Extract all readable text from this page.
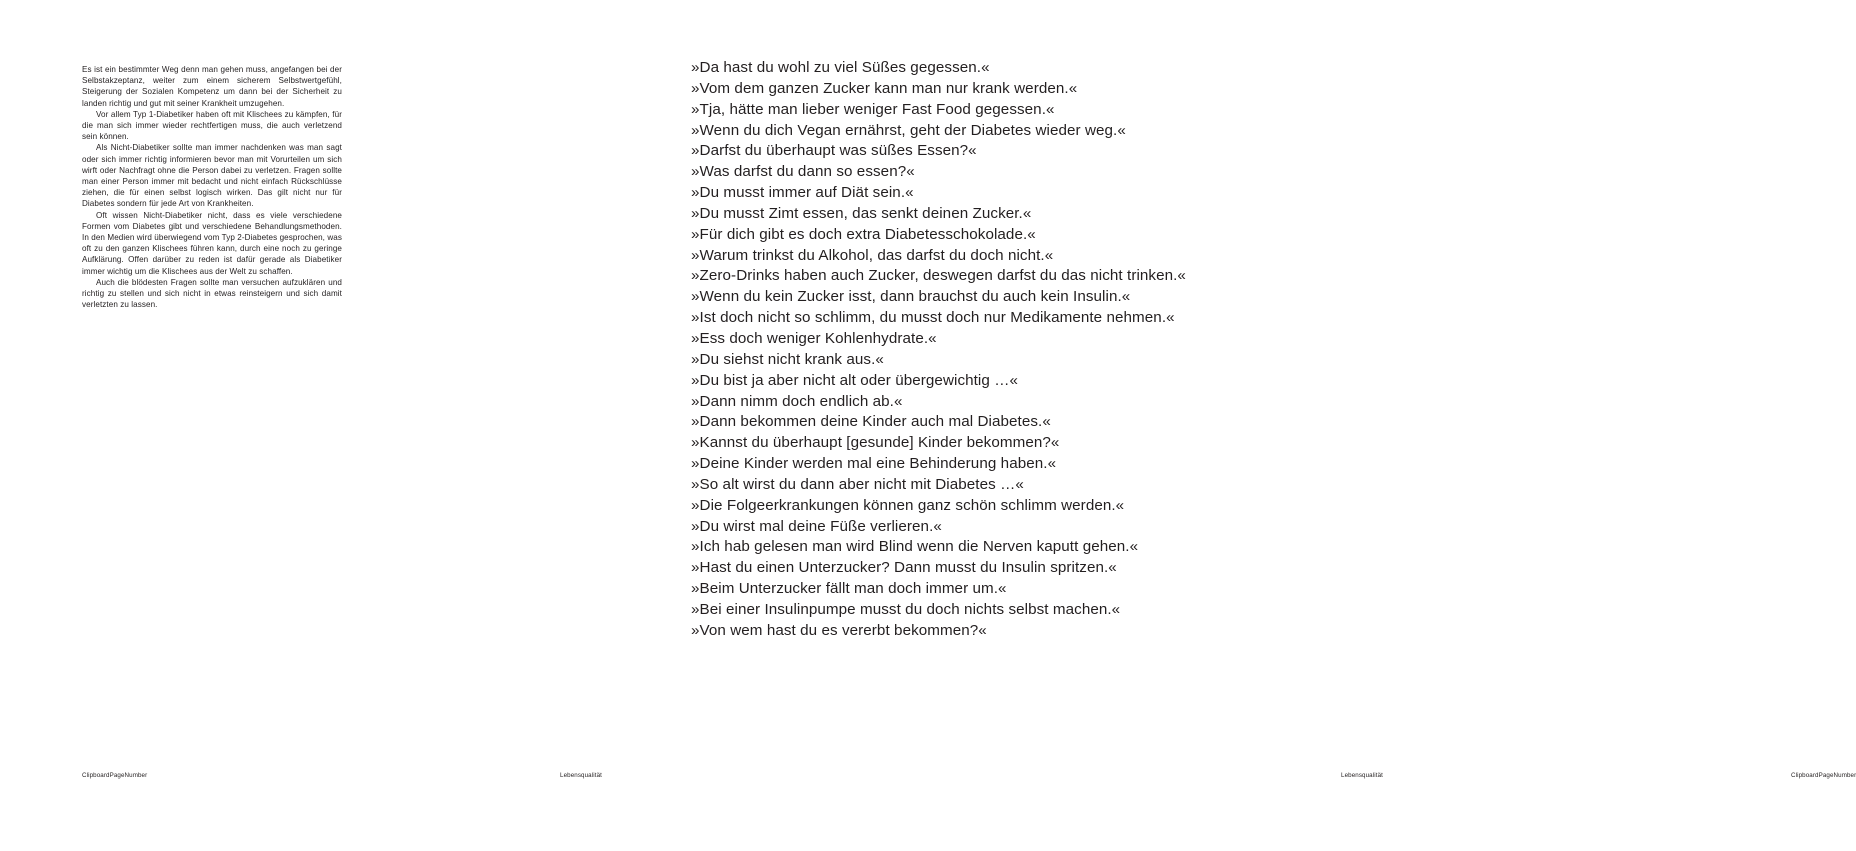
Es ist ein bestimmter Weg denn man gehen muss, angefangen bei der Selbstakzeptanz, weiter zum einem sicherem Selbstwertgefühl, Steigerung der Sozialen Kompetenz um dann bei der Sicherheit zu landen richtig und gut mit seiner Krankheit umzugehen.

Vor allem Typ 1-Diabetiker haben oft mit Klischees zu kämpfen, für die man sich immer wieder rechtfertigen muss, die auch verletzend sein können.

Als Nicht-Diabetiker sollte man immer nachdenken was man sagt oder sich immer richtig informieren bevor man mit Vorurteilen um sich wirft oder Nachfragt ohne die Person dabei zu verletzen. Fragen sollte man einer Person immer mit bedacht und nicht einfach Rückschlüsse ziehen, die für einen selbst logisch wirken. Das gilt nicht nur für Diabetes sondern für jede Art von Krankheiten.

Oft wissen Nicht-Diabetiker nicht, dass es viele verschiedene Formen vom Diabetes gibt und verschiedene Behandlungsmethoden. In den Medien wird überwiegend vom Typ 2-Diabetes gesprochen, was oft zu den ganzen Klischees führen kann, durch eine noch zu geringe Aufklärung. Offen darüber zu reden ist dafür gerade als Diabetiker immer wichtig um die Klischees aus der Welt zu schaffen.

Auch die blödesten Fragen sollte man versuchen aufzuklären und richtig zu stellen und sich nicht in etwas reinsteigern und sich damit verletzten zu lassen.

ClipboardPageNumber	Lebensqualität
»Da hast du wohl zu viel Süßes gegessen.«
»Vom dem ganzen Zucker kann man nur krank werden.«
»Tja, hätte man lieber weniger Fast Food gegessen.«
»Wenn du dich Vegan ernährst, geht der Diabetes wieder weg.«
»Darfst du überhaupt was süßes Essen?«
»Was darfst du dann so essen?«
»Du musst immer auf Diät sein.«
»Du musst Zimt essen, das senkt deinen Zucker.«
»Für dich gibt es doch extra Diabetesschokolade.«
»Warum trinkst du Alkohol, das darfst du doch nicht.«
»Zero-Drinks haben auch Zucker, deswegen darfst du das nicht trinken.«
»Wenn du kein Zucker isst, dann brauchst du auch kein Insulin.«
»Ist doch nicht so schlimm, du musst doch nur Medikamente nehmen.«
»Ess doch weniger Kohlenhydrate.«
»Du siehst nicht krank aus.«
»Du bist ja aber nicht alt oder übergewichtig …«
»Dann nimm doch endlich ab.«
»Dann bekommen deine Kinder auch mal Diabetes.«
»Kannst du überhaupt [gesunde] Kinder bekommen?«
»Deine Kinder werden mal eine Behinderung haben.«
»So alt wirst du dann aber nicht mit Diabetes …«
»Die Folgeerkrankungen können ganz schön schlimm werden.«
»Du wirst mal deine Füße verlieren.«
»Ich hab gelesen man wird Blind wenn die Nerven kaputt gehen.«
»Hast du einen Unterzucker? Dann musst du Insulin spritzen.«
»Beim Unterzucker fällt man doch immer um.«
»Bei einer Insulinpumpe musst du doch nichts selbst machen.«
»Von wem hast du es vererbt bekommen?«
Lebensqualität	ClipboardPageNumber
